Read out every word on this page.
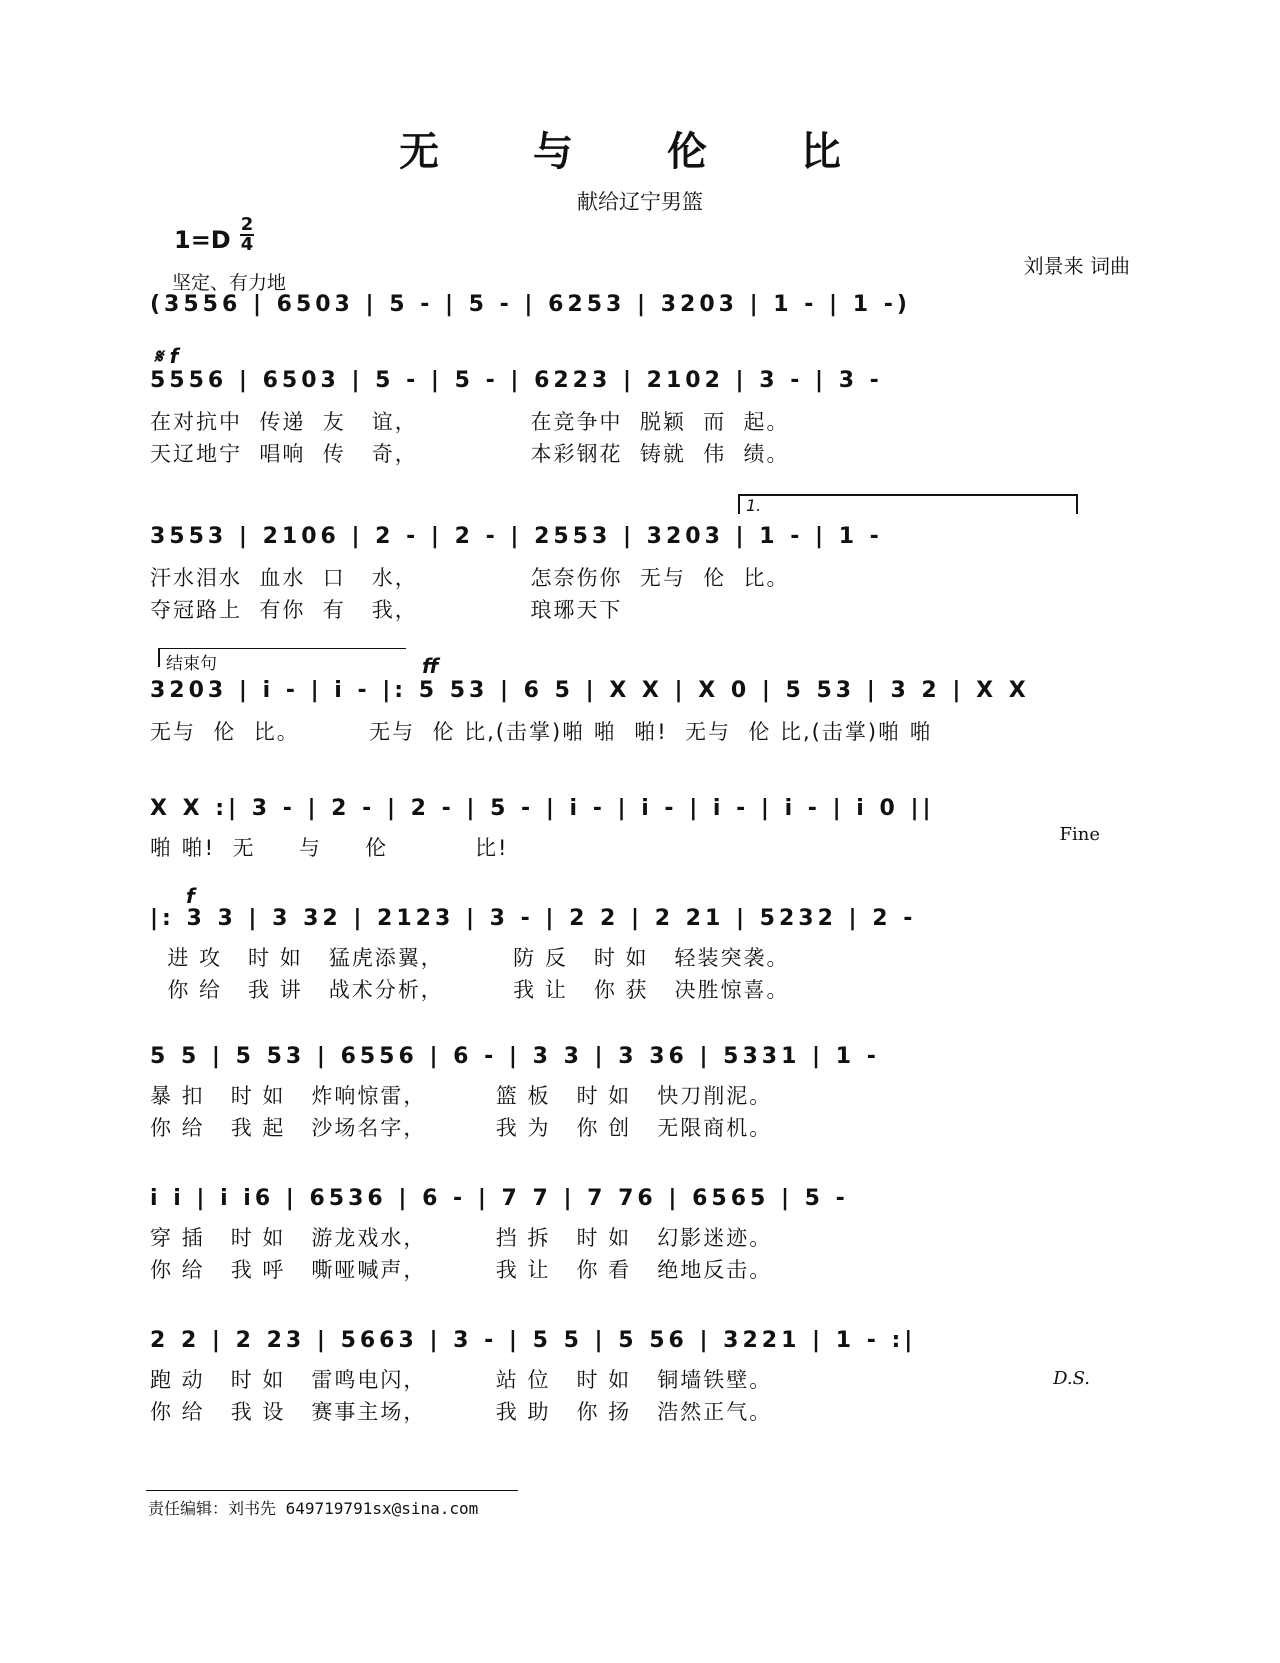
无 与 伦 比
献给辽宁男篮
1=D
2
4
坚定、有力地
刘景来 词曲
(3556 | 6503 | 5 - | 5 - | 6253 | 3203 | 1 - | 1 -)
𝄋 f
5556 | 6503 | 5 - | 5 - | 6223 | 2102 | 3 - | 3 -
在对抗中  传递  友   谊，             在竞争中  脱颖  而  起。
天辽地宁  唱响  传   奇，             本彩钢花  铸就  伟  绩。
1.
3553 | 2106 | 2 - | 2 - | 2553 | 3203 | 1 - | 1 -
汗水泪水  血水  口   水，             怎奈伤你  无与  伦  比。
夺冠路上  有你  有   我，             琅琊天下
结束句	ff
3203 | i - | i - |: 5 53 | 6 5 | X X | X 0 | 5 53 | 3 2 | X X
无与  伦  比。        无与  伦 比,(击掌)啪 啪  啪!  无与  伦 比,(击掌)啪 啪
X X :| 3 - | 2 - | 2 - | 5 - | i - | i - | i - | i - | i 0 ||
Fine
啪 啪!  无     与     伦          比!
f
|: 3 3 | 3 32 | 2123 | 3 - | 2 2 | 2 21 | 5232 | 2 -
进 攻   时 如   猛虎添翼，        防 反   时 如   轻装突袭。
你 给   我 讲   战术分析，        我 让   你 获   决胜惊喜。
5 5 | 5 53 | 6556 | 6 - | 3 3 | 3 36 | 5331 | 1 -
暴 扣   时 如   炸响惊雷，        篮 板   时 如   快刀削泥。
你 给   我 起   沙场名字，        我 为   你 创   无限商机。
i i | i i6 | 6536 | 6 - | 7 7 | 7 76 | 6565 | 5 -
穿 插   时 如   游龙戏水，        挡 拆   时 如   幻影迷迹。
你 给   我 呼   嘶哑喊声，        我 让   你 看   绝地反击。
2 2 | 2 23 | 5663 | 3 - | 5 5 | 5 56 | 3221 | 1 - :|
D.S.
跑 动   时 如   雷鸣电闪，        站 位   时 如   铜墙铁壁。
你 给   我 设   赛事主场，        我 助   你 扬   浩然正气。
责任编辑：刘书先 649719791sx@sina.com
